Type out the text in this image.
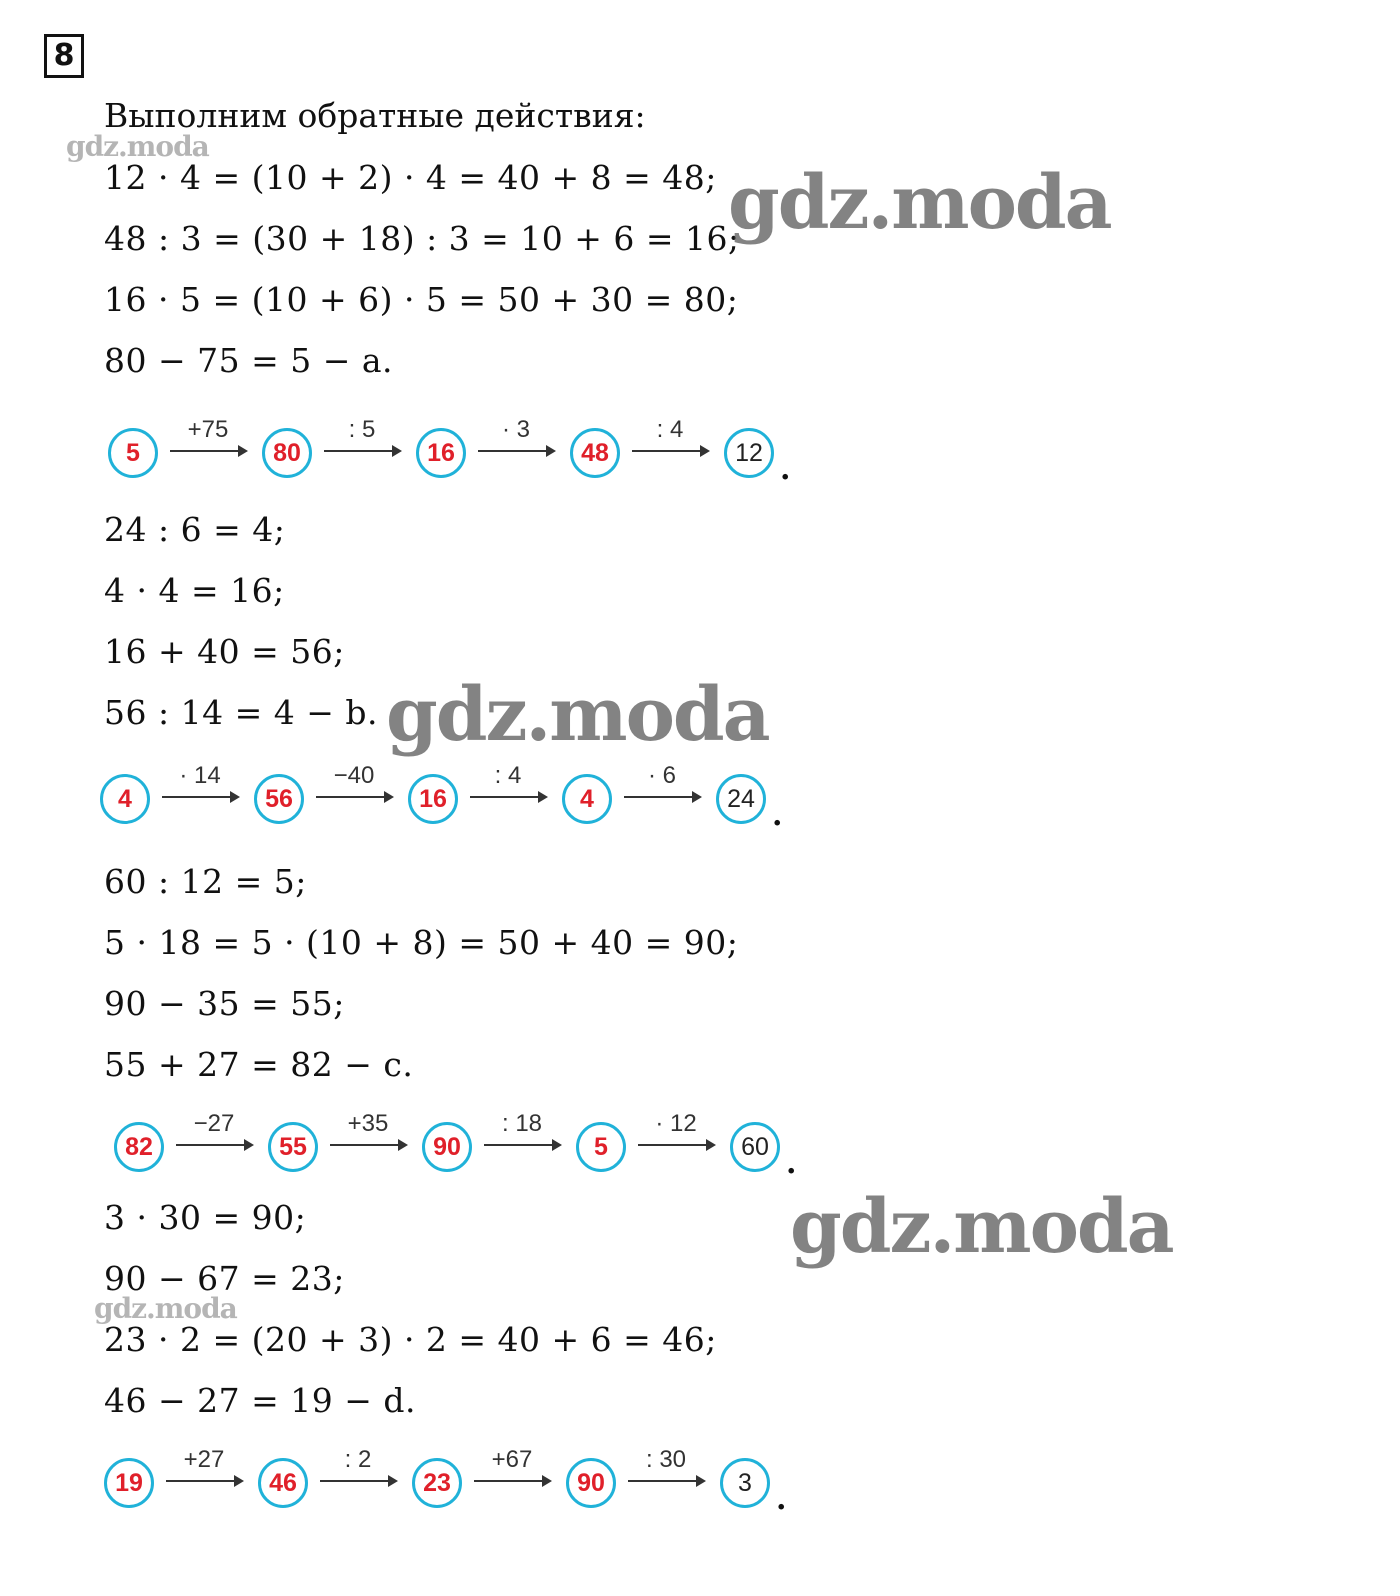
8
Выполним обратные действия:
12 · 4 = (10 + 2) · 4 = 40 + 8 = 48;
48 : 3 = (30 + 18) : 3 = 10 + 6 = 16;
16 · 5 = (10 + 6) · 5 = 50 + 30 = 80;
80 − 75 = 5 − a.
5
+75
80
: 5
16
· 3
48
: 4
12 .
24 : 6 = 4;
4 · 4 = 16;
16 + 40 = 56;
56 : 14 = 4 − b.
4
· 14
56
−40
16
: 4
4
· 6
24 .
60 : 12 = 5;
5 · 18 = 5 · (10 + 8) = 50 + 40 = 90;
90 − 35 = 55;
55 + 27 = 82 − c.
82
−27
55
+35
90
: 18
5
· 12
60 .
3 · 30 = 90;
90 − 67 = 23;
23 · 2 = (20 + 3) · 2 = 40 + 6 = 46;
46 − 27 = 19 − d.
19
+27
46
: 2
23
+67
90
: 30
3 .
gdz.moda
gdz.moda
gdz.moda
gdz.moda
gdz.moda
